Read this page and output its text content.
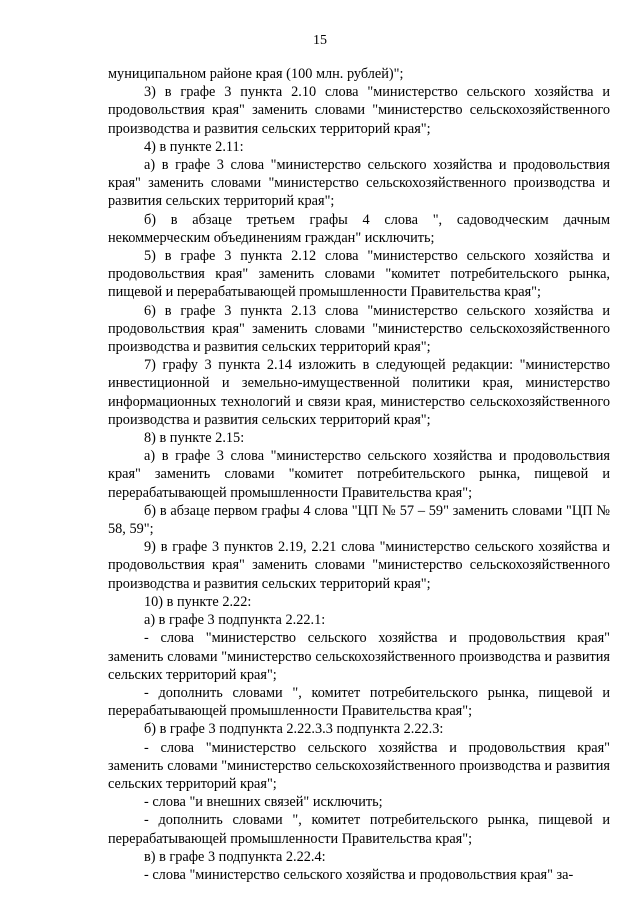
15

муниципальном районе края (100 млн. рублей)";

3) в графе 3 пункта 2.10 слова "министерство сельского хозяйства и продовольствия края" заменить словами "министерство сельскохозяйственного производства и развития сельских территорий края";

4) в пункте 2.11:

а) в графе 3 слова "министерство сельского хозяйства и продовольствия края" заменить словами "министерство сельскохозяйственного производства и развития сельских территорий края";

б) в абзаце третьем графы 4 слова ", садоводческим дачным некоммерческим объединениям граждан" исключить;

5) в графе 3 пункта 2.12 слова "министерство сельского хозяйства и продовольствия края" заменить словами "комитет потребительского рынка, пищевой и перерабатывающей промышленности Правительства края";

6) в графе 3 пункта 2.13 слова "министерство сельского хозяйства и продовольствия края" заменить словами "министерство сельскохозяйственного производства и развития сельских территорий края";

7) графу 3 пункта 2.14 изложить в следующей редакции: "министерство инвестиционной и земельно-имущественной политики края, министерство информационных технологий и связи края, министерство сельскохозяйственного производства и развития сельских территорий края";

8) в пункте 2.15:

а) в графе 3 слова "министерство сельского хозяйства и продовольствия края" заменить словами "комитет потребительского рынка, пищевой и перерабатывающей промышленности Правительства края";

б) в абзаце первом графы 4 слова "ЦП № 57 – 59" заменить словами "ЦП № 58, 59";

9) в графе 3 пунктов 2.19, 2.21 слова "министерство сельского хозяйства и продовольствия края" заменить словами "министерство сельскохозяйственного производства и развития сельских территорий края";

10) в пункте 2.22:

а) в графе 3 подпункта 2.22.1:

- слова "министерство сельского хозяйства и продовольствия края" заменить словами "министерство сельскохозяйственного производства и развития сельских территорий края";

- дополнить словами ", комитет потребительского рынка, пищевой и перерабатывающей промышленности Правительства края";

б) в графе 3 подпункта 2.22.3.3 подпункта 2.22.3:

- слова "министерство сельского хозяйства и продовольствия края" заменить словами "министерство сельскохозяйственного производства и развития сельских территорий края";

- слова "и внешних связей" исключить;

- дополнить словами ", комитет потребительского рынка, пищевой и перерабатывающей промышленности Правительства края";

в) в графе 3 подпункта 2.22.4:

- слова "министерство сельского хозяйства и продовольствия края" за-
